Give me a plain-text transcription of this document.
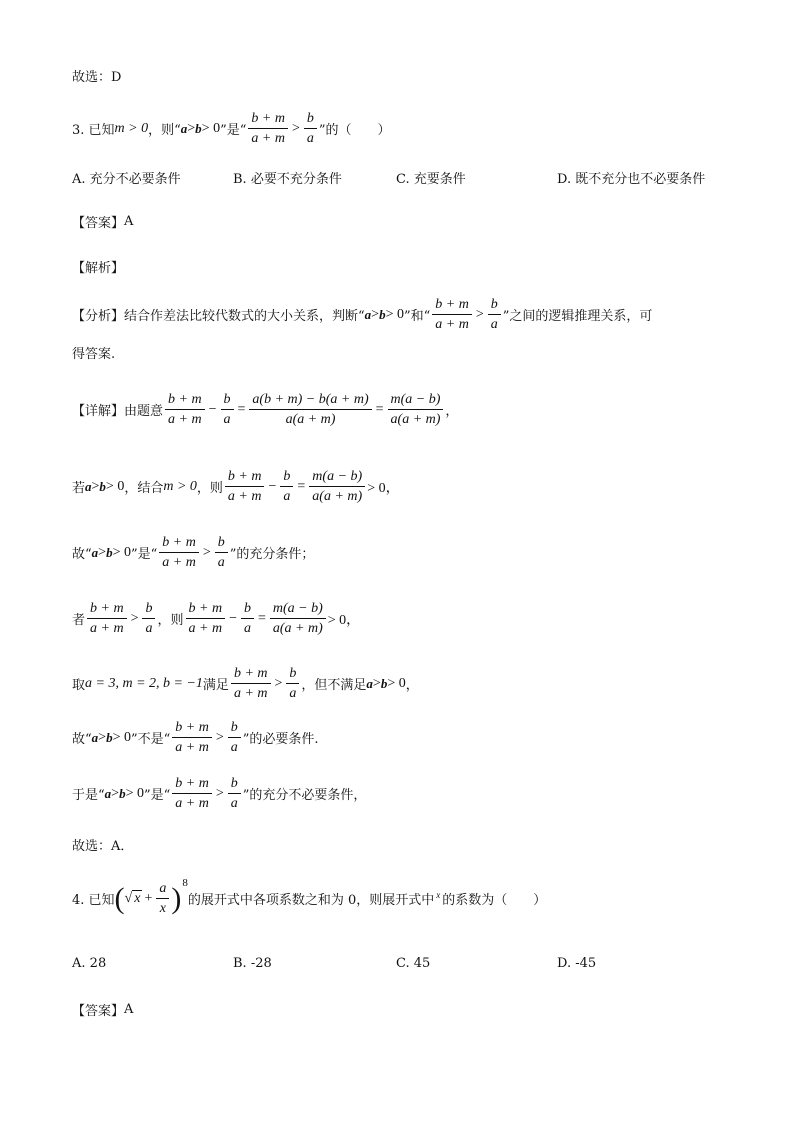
故选：D
3. 已知 m > 0 ，则“ a > b > 0 ”是“ $\frac{b + m}{a + m} > \frac{b}{a}$ ”的（　　）
A. 充分不必要条件	B. 必要不充分条件	C. 充要条件	D. 既不充分也不必要条件
【答案】 A
【解析】
【分析】 结合作差法比较代数式的大小关系，判断“ a > b > 0 ”和“ $\frac{b + m}{a + m} > \frac{b}{a}$ ”之间的逻辑推理关系，可
得答案.
【详解】 由题意 $\frac{b + m}{a + m} - \frac{b}{a} = \frac{a(b + m) - b(a + m)}{a(a + m)} = \frac{m(a - b)}{a(a + m)}$ ，
若 a > b > 0 ，结合 m > 0 ，则 $\frac{b + m}{a + m} - \frac{b}{a} = \frac{m(a - b)}{a(a + m)} > 0$，
故“ a > b > 0 ”是“ $\frac{b + m}{a + m} > \frac{b}{a}$ ”的充分条件；
者 $\frac{b + m}{a + m} > \frac{b}{a}$ ，则 $\frac{b + m}{a + m} - \frac{b}{a} = \frac{m(a - b)}{a(a + m)} > 0$，
取 a = 3, m = 2, b = −1 满足 $\frac{b + m}{a + m} > \frac{b}{a}$ ，但不满足 a > b > 0 ，
故“ a > b > 0 ”不是“ $\frac{b + m}{a + m} > \frac{b}{a}$ ”的必要条件.
于是“ a > b > 0 ”是“ $\frac{b + m}{a + m} > \frac{b}{a}$ ”的充分不必要条件，
故选：A．
4. 已知 ( √ $x + \frac{a}{x}$ ) 8
的展开式中各项系数之和为 0，则展开式中 x 的系数为（　　）
A. 28	B. -28	C. 45	D. -45
【答案】 A
